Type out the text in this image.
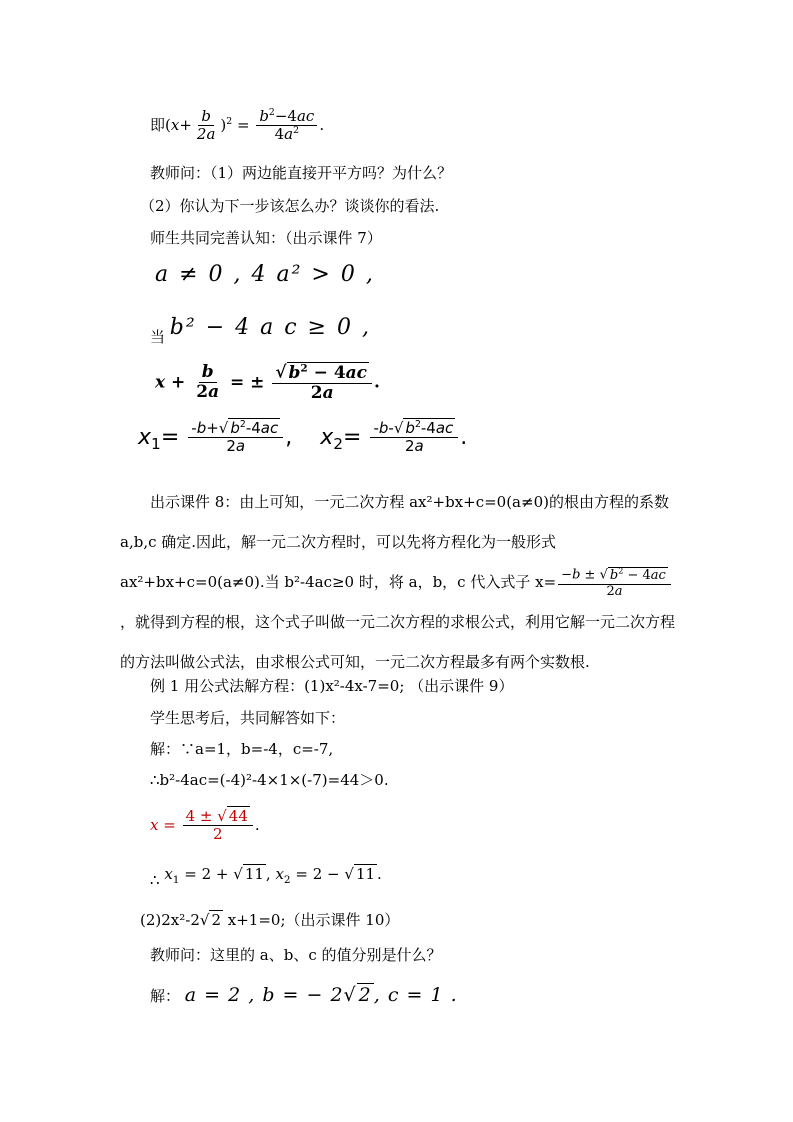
即$(x+ \frac{b}{2a} )^2 = \frac{b^2-4ac}{4a^2}$ .
教师问：（1）两边能直接开平方吗？为什么？
（2）你认为下一步该怎么办？谈谈你的看法.
师生共同完善认知：（出示课件 7）
a ≠ 0 , 4 a² > 0 ,
当 b² − 4 a c ≥ 0 ,
$x + \frac{b}{2a}$ = ± $\frac{√ b^2 - 4ac}{2a}$ .
$x_1= \frac{-b+√ b^2-4ac}{2a}$ ,    $x_2= \frac{-b-√ b^2-4ac}{2a}$ .
出示课件 8：由上可知，一元二次方程 ax²+bx+c=0(a≠0)的根由方程的系数 a,b,c 确定.因此，解一元二次方程时，可以先将方程化为一般形式 ax²+bx+c=0(a≠0).当 b²-4ac≥0 时，将 a，b，c 代入式子 $x= \frac{-b \pm √ b^2 - 4ac}{2a}$
，就得到方程的根，这个式子叫做一元二次方程的求根公式，利用它解一元二次方程的方法叫做公式法，由求根公式可知，一元二次方程最多有两个实数根.
例 1 用公式法解方程：(1)x²-4x-7=0; （出示课件 9）
学生思考后，共同解答如下：
解：∵a=1，b=-4，c=-7,
∴b²-4ac=(-4)²-4×1×(-7)=44＞0.
$x = \frac{4 \pm √ 44}{2}$ .
∴ $x_1 = 2$ + √ 11 , $x_2 = 2$ − √ 11 .
(2)2x²-2√ 2 x+1=0;（出示课件 10）
教师问：这里的 a、b、c 的值分别是什么？
解： a = 2 , b = − 2√ 2 , c = 1 .
